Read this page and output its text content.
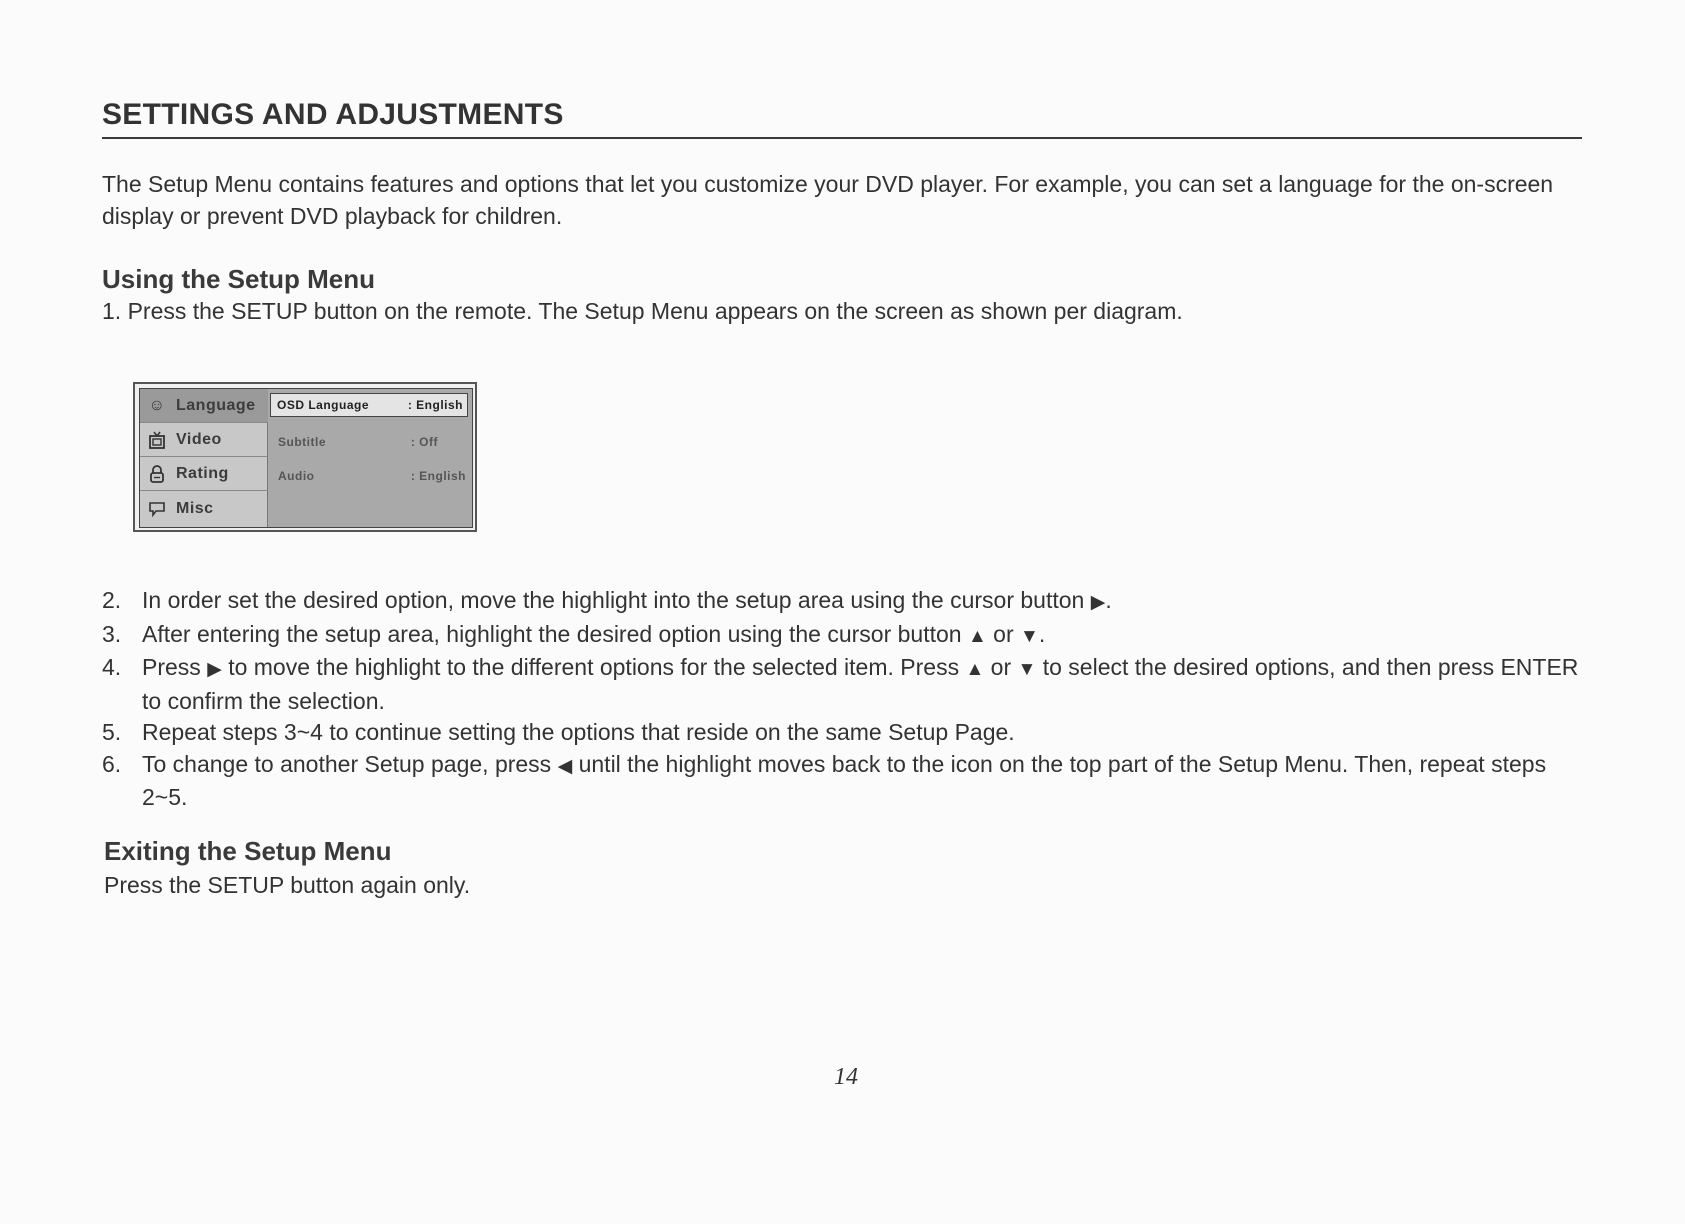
SETTINGS AND ADJUSTMENTS
The Setup Menu contains features and options that let you customize your DVD player. For example, you can set a language for the on-screen display or prevent DVD playback for children.
Using the Setup Menu
1. Press the SETUP button on the remote. The Setup Menu appears on the screen as shown per diagram.
☺ Language
Video
Rating
Misc
OSD Language	: English
Subtitle	: Off
Audio	: English
2. In order set the desired option, move the highlight into the setup area using the cursor button ▶.
3. After entering the setup area, highlight the desired option using the cursor button ▲ or ▼.
4. Press ▶ to move the highlight to the different options for the selected item. Press ▲ or ▼ to select the desired options, and then press ENTER to confirm the selection.
5. Repeat steps 3~4 to continue setting the options that reside on the same Setup Page.
6. To change to another Setup page, press ◀ until the highlight moves back to the icon on the top part of the Setup Menu. Then, repeat steps 2~5.
Exiting the Setup Menu
Press the SETUP button again only.
14
